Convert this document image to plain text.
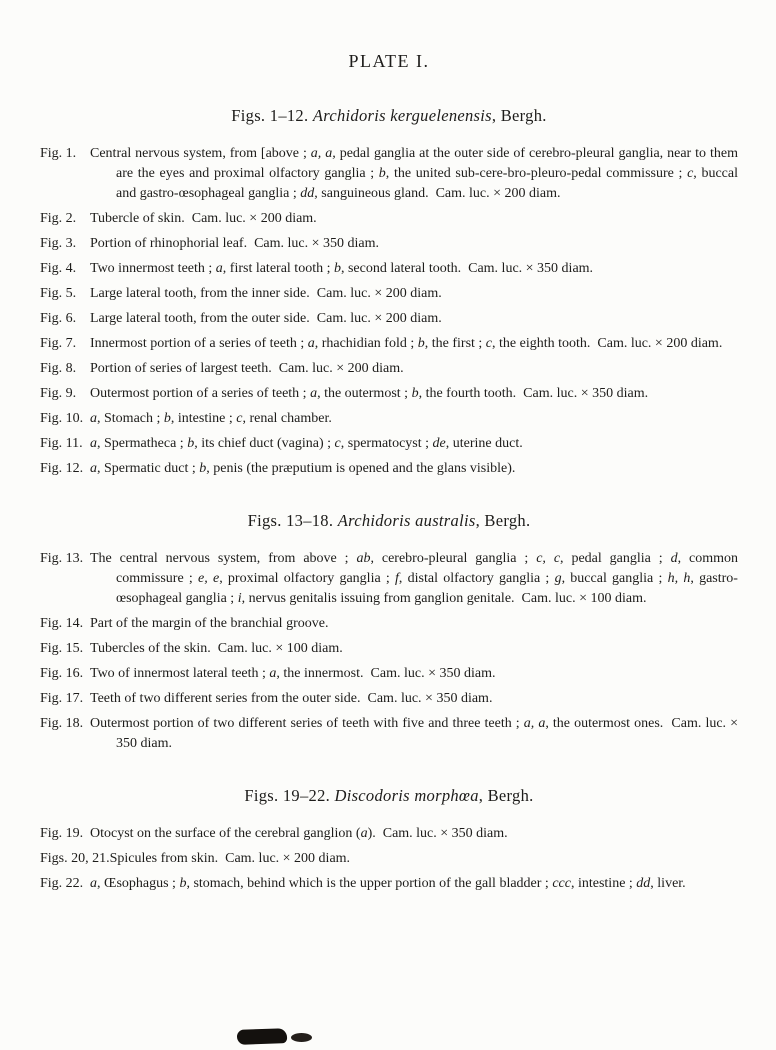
PLATE I.
Figs. 1–12. Archidoris kerguelenensis, Bergh.
Fig. 1. Central nervous system, from [above ; a, a, pedal ganglia at the outer side of cerebro-pleural ganglia, near to them are the eyes and proximal olfactory ganglia ; b, the united sub-cere-bro-pleuro-pedal commissure ; c, buccal and gastro-œsophageal ganglia ; dd, sanguineous gland.  Cam. luc. × 200 diam.

Fig. 2. Tubercle of skin.  Cam. luc. × 200 diam.

Fig. 3. Portion of rhinophorial leaf.  Cam. luc. × 350 diam.

Fig. 4. Two innermost teeth ; a, first lateral tooth ; b, second lateral tooth.  Cam. luc. × 350 diam.

Fig. 5. Large lateral tooth, from the inner side.  Cam. luc. × 200 diam.

Fig. 6. Large lateral tooth, from the outer side.  Cam. luc. × 200 diam.

Fig. 7. Innermost portion of a series of teeth ; a, rhachidian fold ; b, the first ; c, the eighth tooth.  Cam. luc. × 200 diam.

Fig. 8. Portion of series of largest teeth.  Cam. luc. × 200 diam.

Fig. 9. Outermost portion of a series of teeth ; a, the outermost ; b, the fourth tooth.  Cam. luc. × 350 diam.

Fig. 10. a, Stomach ; b, intestine ; c, renal chamber.

Fig. 11. a, Spermatheca ; b, its chief duct (vagina) ; c, spermatocyst ; de, uterine duct.

Fig. 12. a, Spermatic duct ; b, penis (the præputium is opened and the glans visible).

Figs. 13–18. Archidoris australis, Bergh.
Fig. 13. The central nervous system, from above ; ab, cerebro-pleural ganglia ; c, c, pedal ganglia ; d, common commissure ; e, e, proximal olfactory ganglia ; f, distal olfactory ganglia ; g, buccal ganglia ; h, h, gastro-œsophageal ganglia ; i, nervus genitalis issuing from ganglion genitale.  Cam. luc. × 100 diam.

Fig. 14. Part of the margin of the branchial groove.

Fig. 15. Tubercles of the skin.  Cam. luc. × 100 diam.

Fig. 16. Two of innermost lateral teeth ; a, the innermost.  Cam. luc. × 350 diam.

Fig. 17. Teeth of two different series from the outer side.  Cam. luc. × 350 diam.

Fig. 18. Outermost portion of two different series of teeth with five and three teeth ; a, a, the outermost ones.  Cam. luc. × 350 diam.

Figs. 19–22. Discodoris morphœa, Bergh.
Fig. 19. Otocyst on the surface of the cerebral ganglion (a).  Cam. luc. × 350 diam.

Figs. 20, 21. Spicules from skin.  Cam. luc. × 200 diam.

Fig. 22. a, Œsophagus ; b, stomach, behind which is the upper portion of the gall bladder ; ccc, intestine ; dd, liver.
